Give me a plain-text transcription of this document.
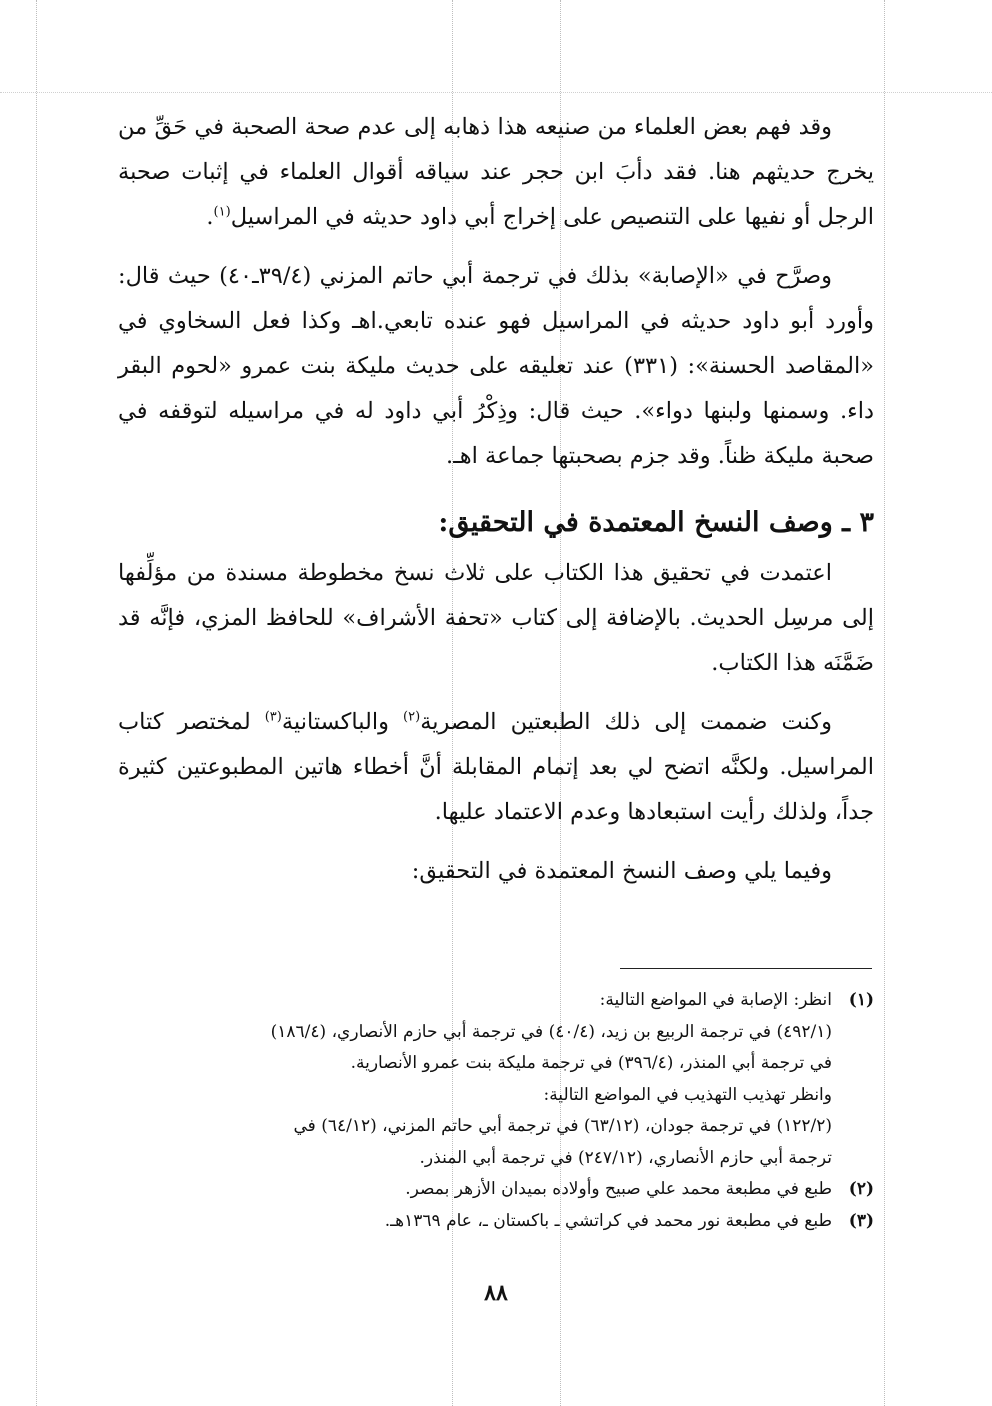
وقد فهم بعض العلماء من صنيعه هذا ذهابه إلى عدم صحة الصحبة في حَقِّ من يخرج حديثهم هنا. فقد دأبَ ابن حجر عند سياقه أقوال العلماء في إثبات صحبة الرجل أو نفيها على التنصيص على إخراج أبي داود حديثه في المراسيل$^{(١)}$.

وصرَّح في «الإصابة» بذلك في ترجمة أبي حاتم المزني (٣٩/٤ـ٤٠) حيث قال: وأورد أبو داود حديثه في المراسيل فهو عنده تابعي.اهـ وكذا فعل السخاوي في «المقاصد الحسنة»: (٣٣١) عند تعليقه على حديث مليكة بنت عمرو «لحوم البقر داء. وسمنها ولبنها دواء». حيث قال: وذِكْرُ أبي داود له في مراسيله لتوقفه في صحبة مليكة ظناً. وقد جزم بصحبتها جماعة اهـ.

٣ ـ وصف النسخ المعتمدة في التحقيق:

اعتمدت في تحقيق هذا الكتاب على ثلاث نسخ مخطوطة مسندة من مؤلِّفها إلى مرسِل الحديث. بالإضافة إلى كتاب «تحفة الأشراف» للحافظ المزي، فإنَّه قد ضَمَّنَه هذا الكتاب.

وكنت ضممت إلى ذلك الطبعتين المصرية$^{(٢)}$ والباكستانية$^{(٣)}$ لمختصر كتاب المراسيل. ولكنَّه اتضح لي بعد إتمام المقابلة أنَّ أخطاء هاتين المطبوعتين كثيرة جداً، ولذلك رأيت استبعادها وعدم الاعتماد عليها.

وفيما يلي وصف النسخ المعتمدة في التحقيق:

(١)
انظر: الإصابة في المواضع التالية:
(٤٩٢/١) في ترجمة الربيع بن زيد، (٤٠/٤) في ترجمة أبي حازم الأنصاري، (١٨٦/٤)
في ترجمة أبي المنذر، (٣٩٦/٤) في ترجمة مليكة بنت عمرو الأنصارية.
وانظر تهذيب التهذيب في المواضع التالية:
(١٢٢/٢) في ترجمة جودان، (٦٣/١٢) في ترجمة أبي حاتم المزني، (٦٤/١٢) في
ترجمة أبي حازم الأنصاري، (٢٤٧/١٢) في ترجمة أبي المنذر.
(٢)
طبع في مطبعة محمد علي صبيح وأولاده بميدان الأزهر بمصر.
(٣)
طبع في مطبعة نور محمد في كراتشي ـ باكستان ـ، عام ١٣٦٩هـ.
٨٨
